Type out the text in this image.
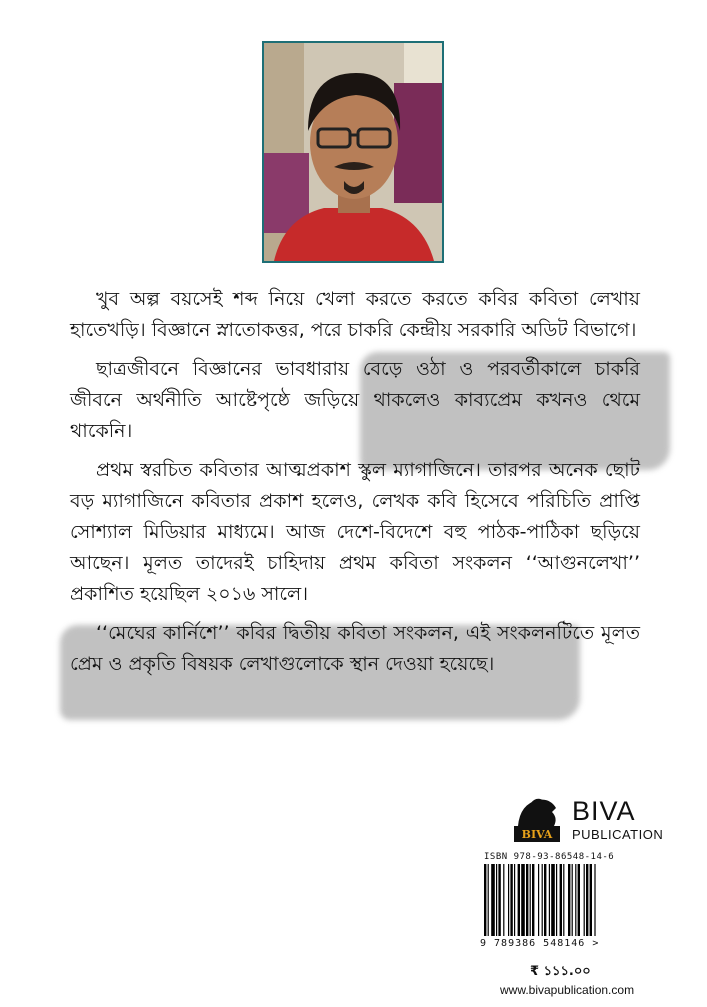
খুব অল্প বয়সেই শব্দ নিয়ে খেলা করতে করতে কবির কবিতা লেখায় হাতেখড়ি। বিজ্ঞানে স্নাতোকত্তর, পরে চাকরি কেন্দ্রীয় সরকারি অডিট বিভাগে।

ছাত্রজীবনে বিজ্ঞানের ভাবধারায় বেড়ে ওঠা ও পরবর্তীকালে চাকরি জীবনে অর্থনীতি আষ্টেপৃষ্ঠে জড়িয়ে থাকলেও কাব্যপ্রেম কখনও থেমে থাকেনি।

প্রথম স্বরচিত কবিতার আত্মপ্রকাশ স্কুল ম্যাগাজিনে। তারপর অনেক ছোট বড় ম্যাগাজিনে কবিতার প্রকাশ হলেও, লেখক কবি হিসেবে পরিচিতি প্রাপ্তি সোশ্যাল মিডিয়ার মাধ্যমে। আজ দেশে-বিদেশে বহু পাঠক-পাঠিকা ছড়িয়ে আছেন। মূলত তাদেরই চাহিদায় প্রথম কবিতা সংকলন ‘‘আগুনলেখা’’ প্রকাশিত হয়েছিল ২০১৬ সালে।

‘‘মেঘের কার্নিশে’’ কবির দ্বিতীয় কবিতা সংকলন, এই সংকলনটিতে মূলত প্রেম ও প্রকৃতি বিষয়ক লেখাগুলোকে স্থান দেওয়া হয়েছে।

BIVA
BIVA
PUBLICATION
ISBN 978-93-86548-14-6
9 789386 548146 >
₹ ১১১.০০
www.bivapublication.com
